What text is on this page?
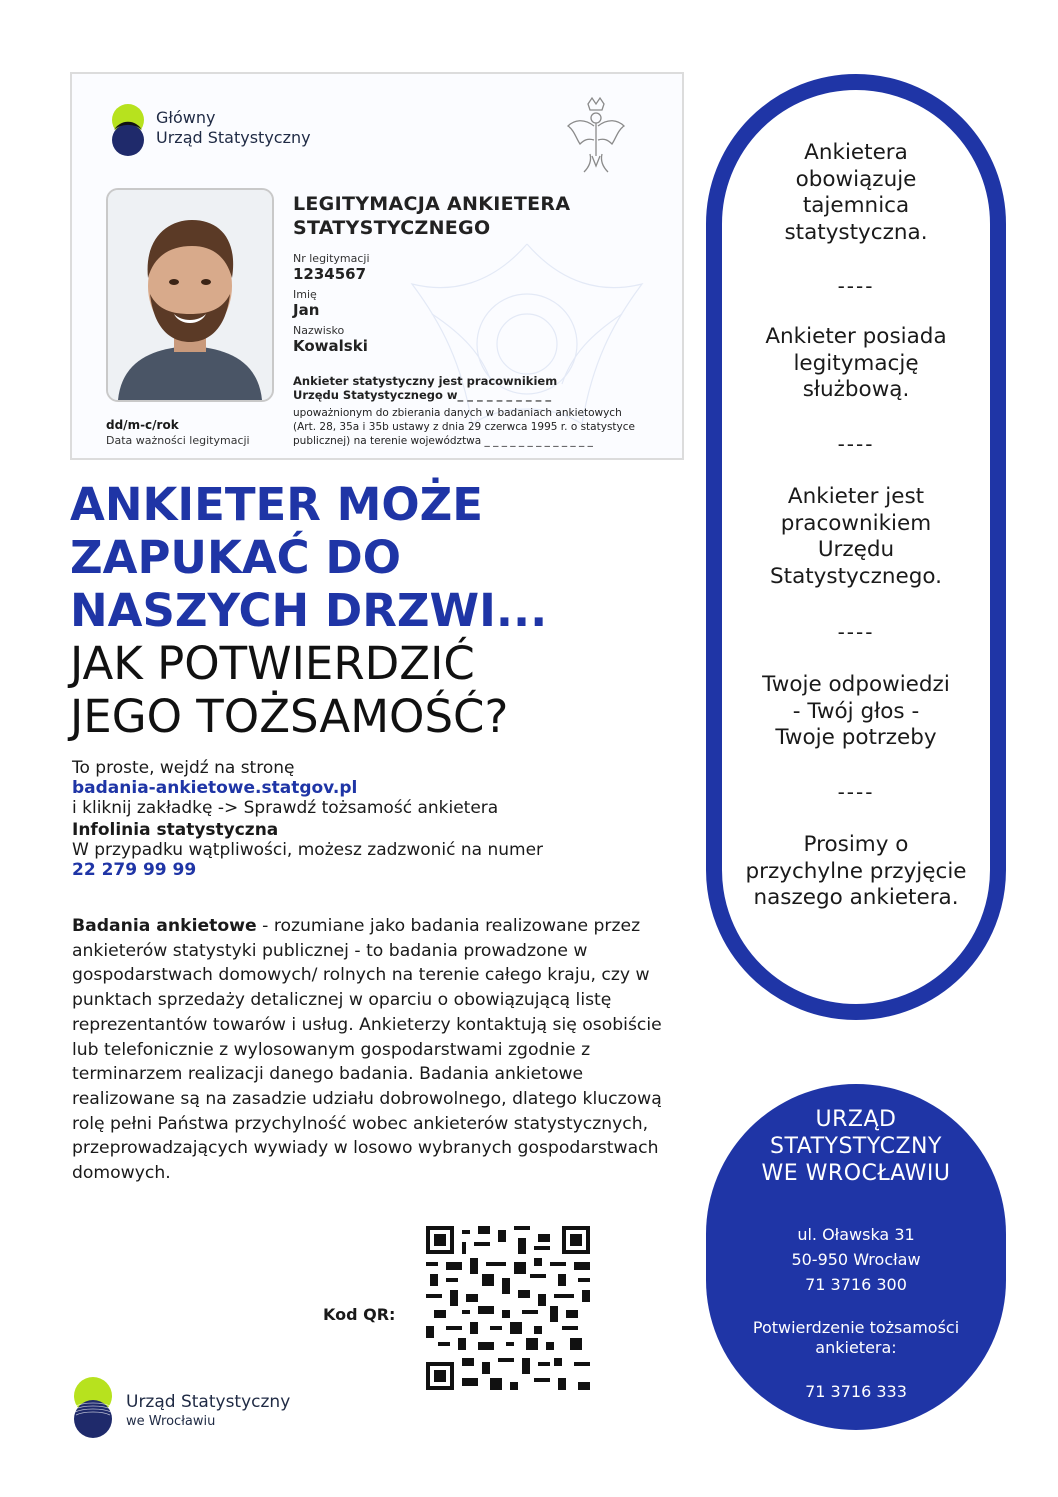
Główny
Urząd Statystyczny
LEGITYMACJA ANKIETERA
STATYSTYCZNEGO
Nr legitymacji
1234567
Imię
Jan
Nazwisko
Kowalski
Ankieter statystyczny jest pracownikiem
Urzędu Statystycznego w_ _ _ _ _ _ _ _ _ _
upoważnionym do zbierania danych w badaniach ankietowych
(Art. 28, 35a i 35b ustawy z dnia 29 czerwca 1995 r. o statystyce
publicznej) na terenie województwa _ _ _ _ _ _ _ _ _ _ _ _ _
dd/m-c/rok
Data ważności legitymacji
ANKIETER MOŻE
ZAPUKAĆ DO
NASZYCH DRZWI...
JAK POTWIERDZIĆ
JEGO TOŻSAMOŚĆ?
To proste, wejdź na stronę
badania-ankietowe.statgov.pl
i kliknij zakładkę -> Sprawdź tożsamość ankietera
Infolinia statystyczna
W przypadku wątpliwości, możesz zadzwonić na numer
22 279 99 99
Badania ankietowe - rozumiane jako badania realizowane przez ankieterów statystyki publicznej - to badania prowadzone w gospodarstwach domowych/ rolnych na terenie całego kraju, czy w punktach sprzedaży detalicznej w oparciu o obowiązującą listę reprezentantów towarów i usług. Ankieterzy kontaktują się osobiście lub telefonicznie z wylosowanym gospodarstwami zgodnie z terminarzem realizacji danego badania. Badania ankietowe realizowane są na zasadzie udziału dobrowolnego, dlatego kluczową rolę pełni Państwa przychylność wobec ankieterów statystycznych, przeprowadzających wywiady w losowo wybranych gospodarstwach domowych.
Kod QR:
Urząd Statystyczny
we Wrocławiu
Ankietera
obowiązuje
tajemnica
statystyczna.
----
Ankieter posiada
legitymację
służbową.
----
Ankieter jest
pracownikiem
Urzędu
Statystycznego.
----
Twoje odpowiedzi
- Twój głos -
Twoje potrzeby
----
Prosimy o
przychylne przyjęcie
naszego ankietera.
URZĄD
STATYSTYCZNY
WE WROCŁAWIU
ul. Oławska 31
50-950 Wrocław
71 3716 300
Potwierdzenie tożsamości
ankietera:
71 3716 333
